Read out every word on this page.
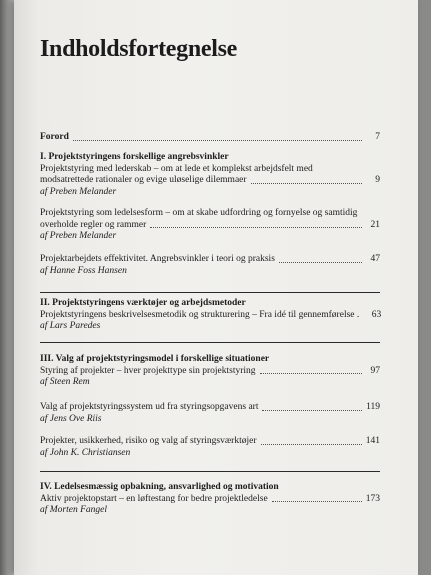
Indholdsfortegnelse
Forord	7
I. Projektstyringens forskellige angrebsvinkler
Projektstyring med lederskab – om at lede et komplekst arbejdsfelt med
modsatrettede rationaler og evige uløselige dilemmaer	9
af Preben Melander
Projektstyring som ledelsesform – om at skabe udfordring og fornyelse og samtidig
overholde regler og rammer	21
af Preben Melander
Projektarbejdets effektivitet. Angrebsvinkler i teori og praksis	47
af Hanne Foss Hansen
II. Projektstyringens værktøjer og arbejdsmetoder
Projektstyringens beskrivelsesmetodik og strukturering – Fra idé til gennemførelse .	63
af Lars Paredes
III. Valg af projektstyringsmodel i forskellige situationer
Styring af projekter – hver projekttype sin projektstyring	97
af Steen Rem
Valg af projektstyringssystem ud fra styringsopgavens art	119
af Jens Ove Riis
Projekter, usikkerhed, risiko og valg af styringsværktøjer	141
af John K. Christiansen
IV. Ledelsesmæssig opbakning, ansvarlighed og motivation
Aktiv projektopstart – en løftestang for bedre projektledelse	173
af Morten Fangel
